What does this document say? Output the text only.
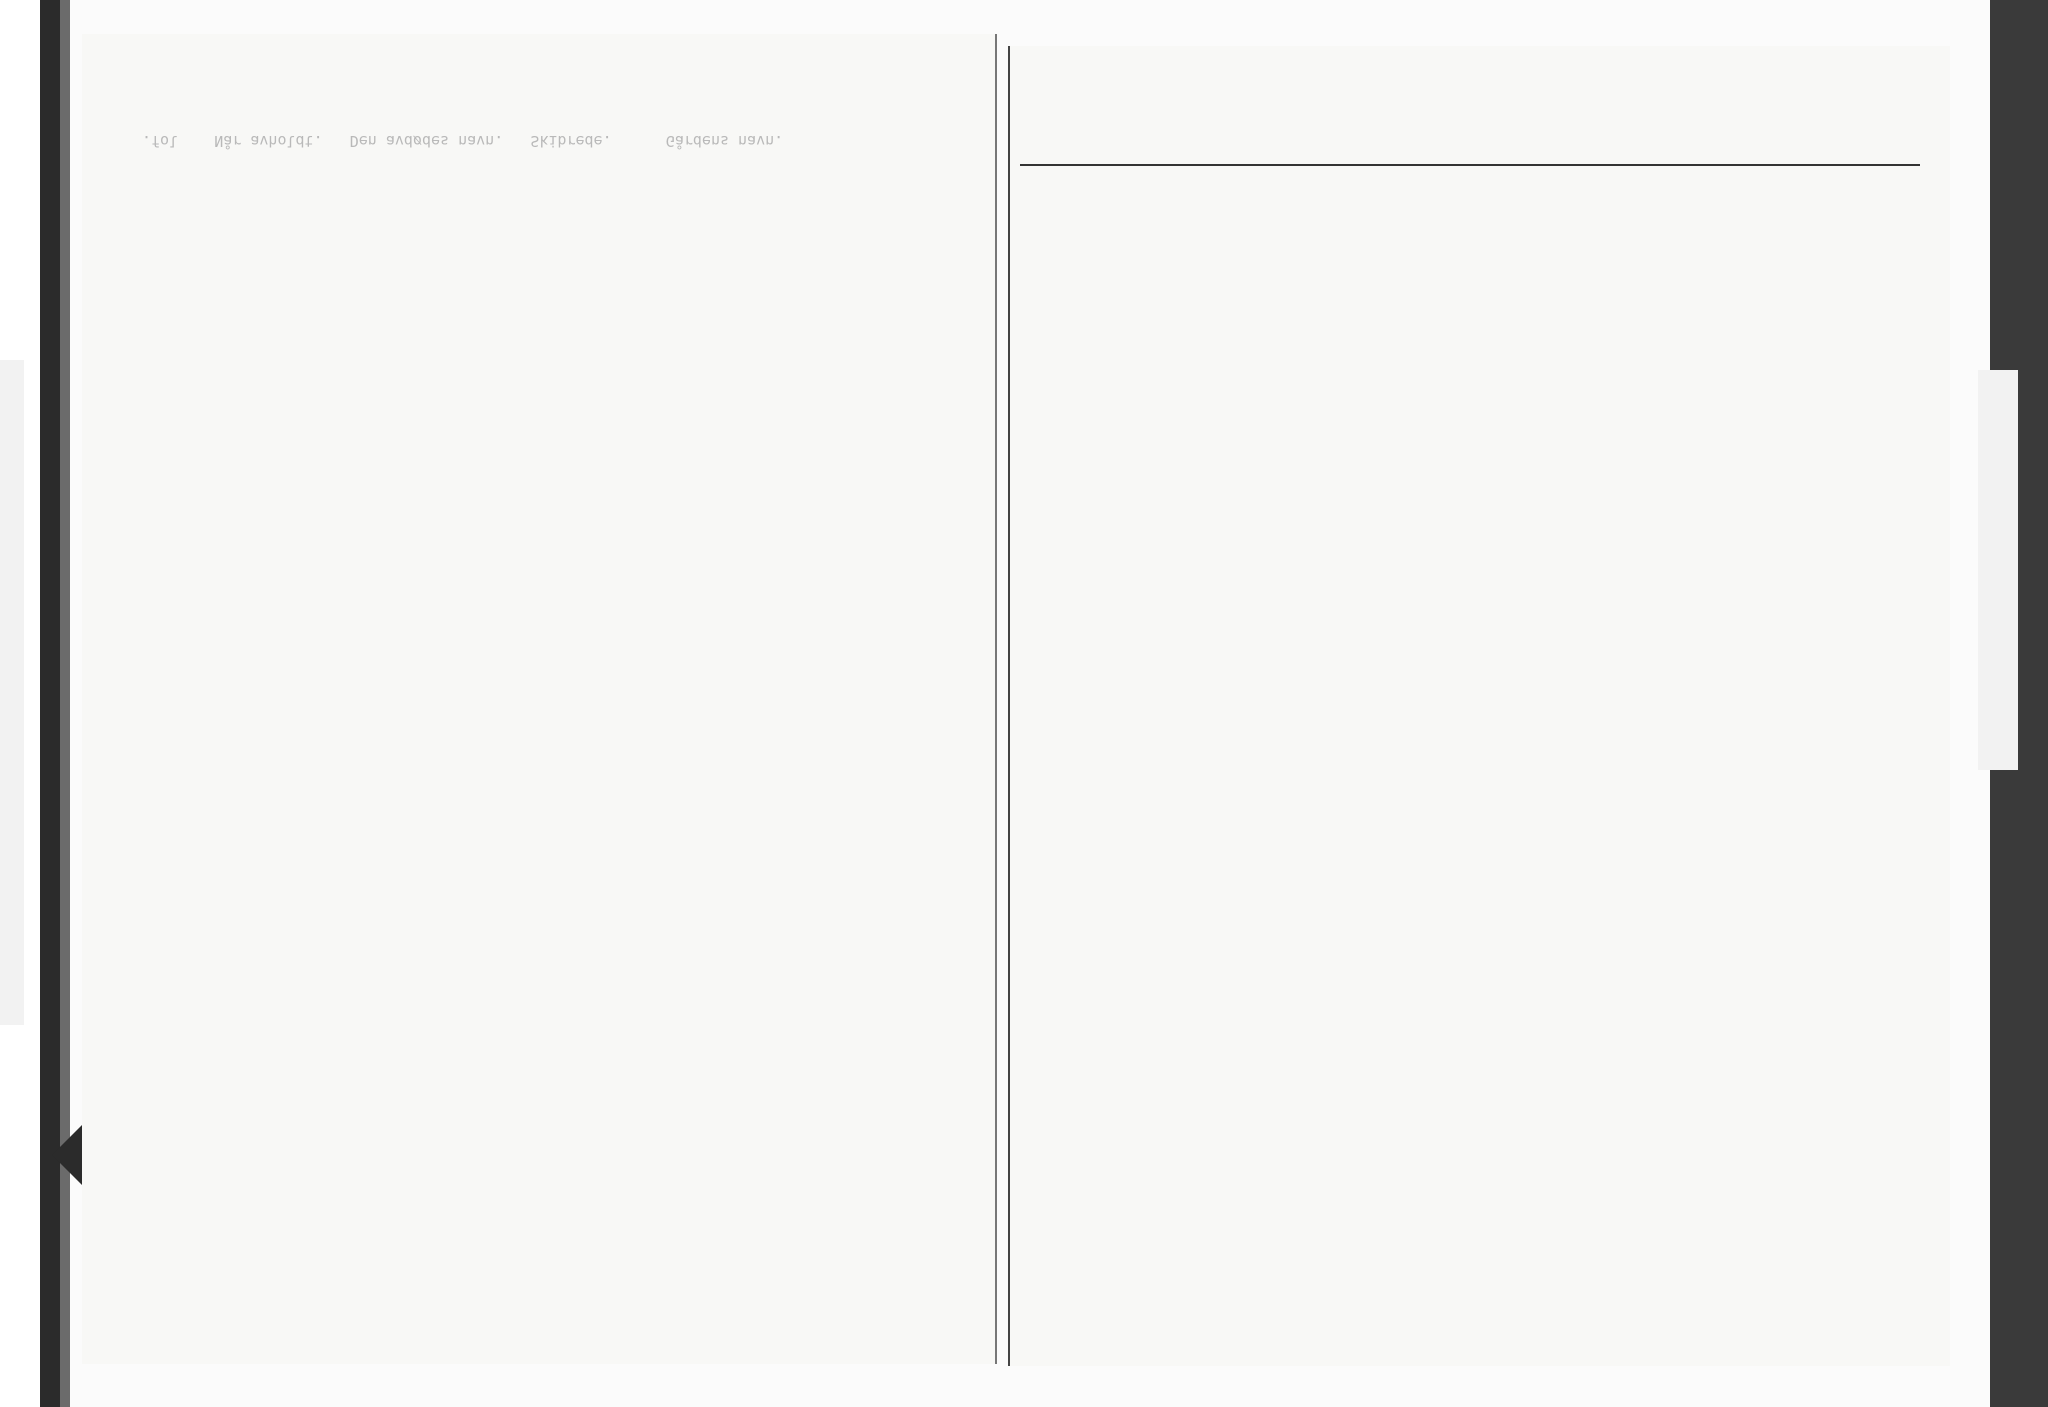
.fol    Når avholdt.   Den avdødes navn.   Skibrede.      Gårdens navn.
